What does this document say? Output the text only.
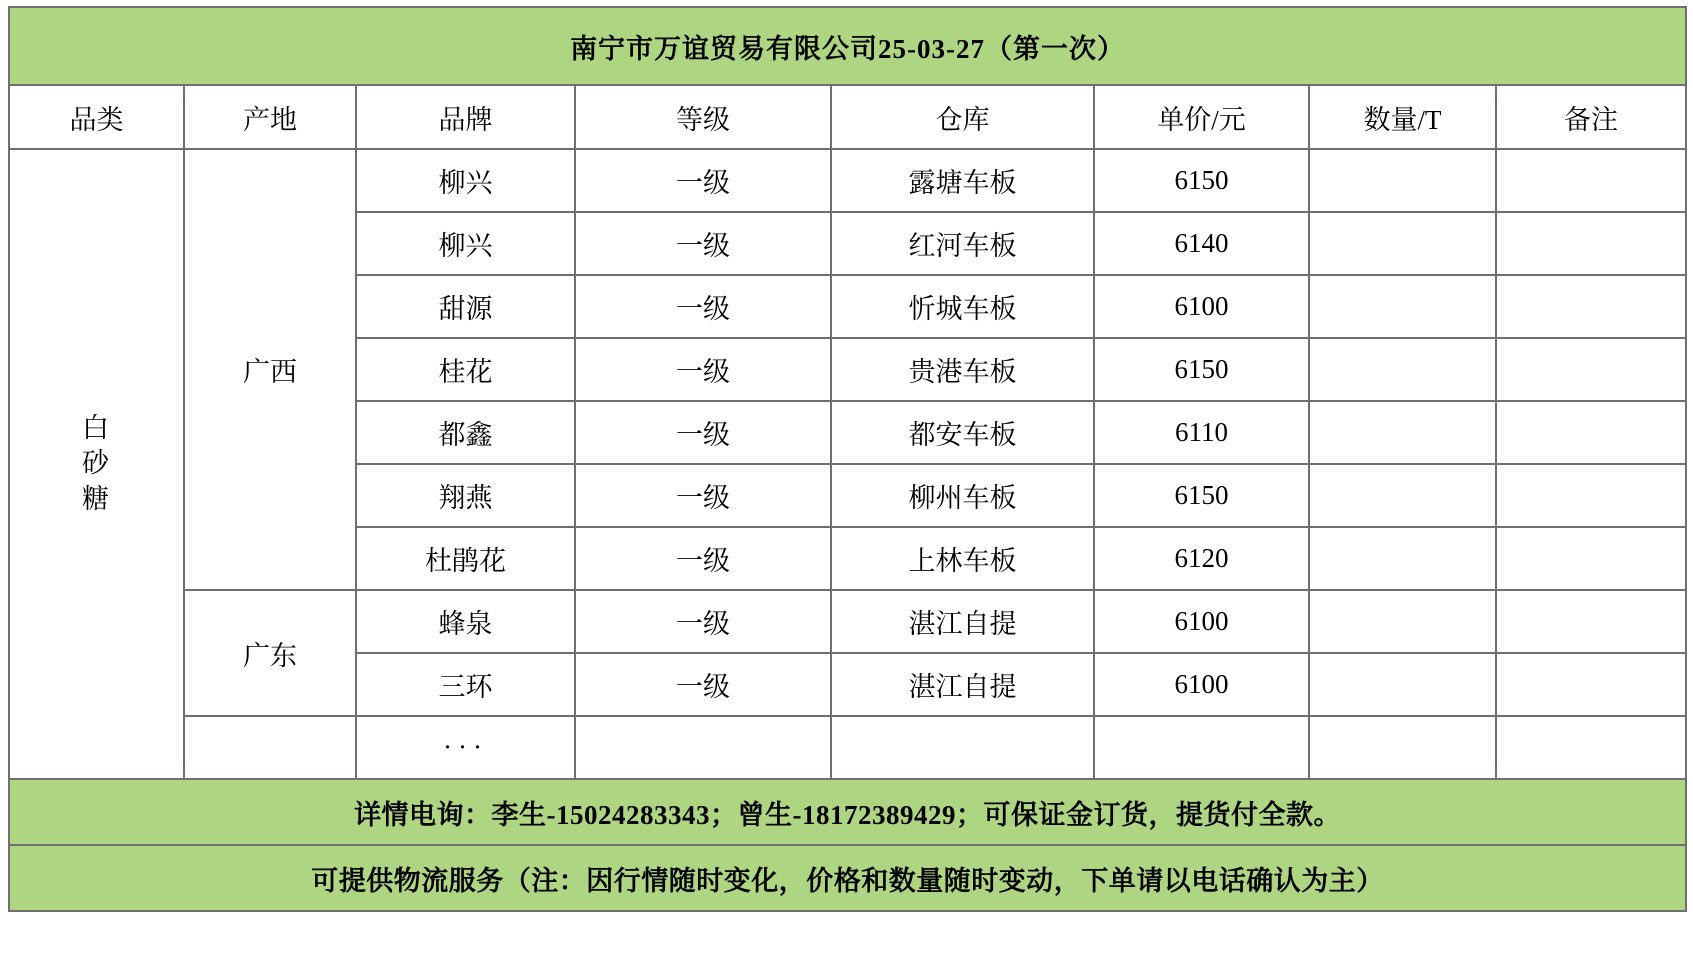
南宁市万谊贸易有限公司25-03-27（第一次）							
品类	产地	品牌	等级	仓库	单价/元	数量/T	备注

白砂糖	广西	柳兴	一级	露塘车板	6150		
		柳兴	一级	红河车板	6140		
		甜源	一级	忻城车板	6100		
		桂花	一级	贵港车板	6150		
		都鑫	一级	都安车板	6110		
		翔燕	一级	柳州车板	6150		
		杜鹃花	一级	上林车板	6120		
	广东	蜂泉	一级	湛江自提	6100		
		三环	一级	湛江自提	6100		
		···					
详情电询：李生-15024283343；曾生-18172389429；可保证金订货，提货付全款。							
可提供物流服务（注：因行情随时变化，价格和数量随时变动，下单请以电话确认为主）							
